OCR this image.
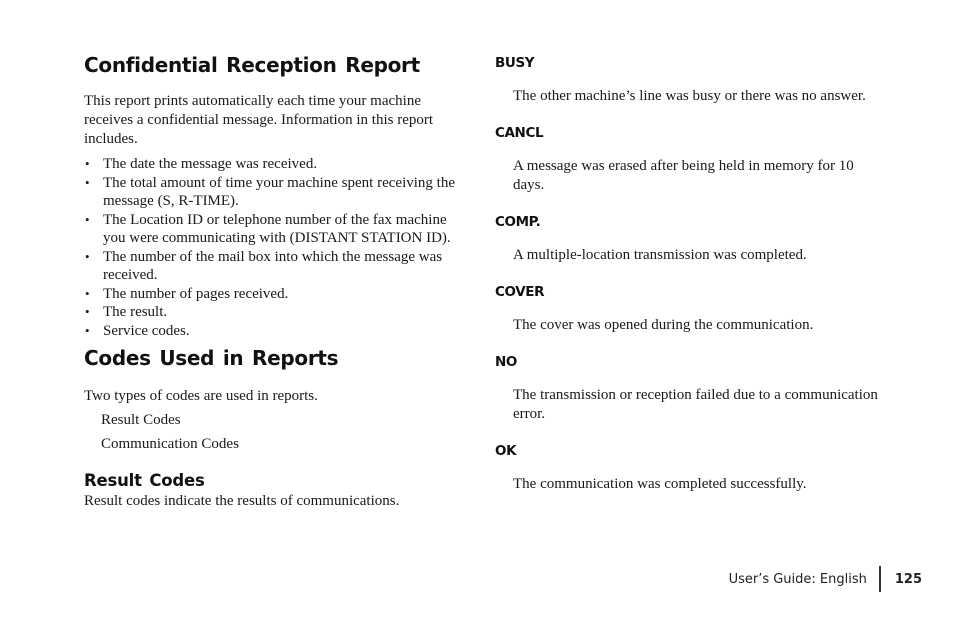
Confidential Reception Report

This report prints automatically each time your machine receives a confidential message. Information in this report includes.

• The date the message was received.
• The total amount of time your machine spent receiving the message (S, R-TIME).
• The Location ID or telephone number of the fax machine you were communicating with (DISTANT STATION ID).
• The number of the mail box into which the message was received.
• The number of pages received.
• The result.
• Service codes.
Codes Used in Reports

Two types of codes are used in reports.

Result Codes
Communication Codes
Result Codes

Result codes indicate the results of communications.

BUSY

The other machine’s line was busy or there was no answer.

CANCL

A message was erased after being held in memory for 10 days.

COMP.

A multiple-location transmission was completed.

COVER

The cover was opened during the communication.

NO

The transmission or reception failed due to a communication error.

OK

The communication was completed successfully.

User’s Guide: English 125
